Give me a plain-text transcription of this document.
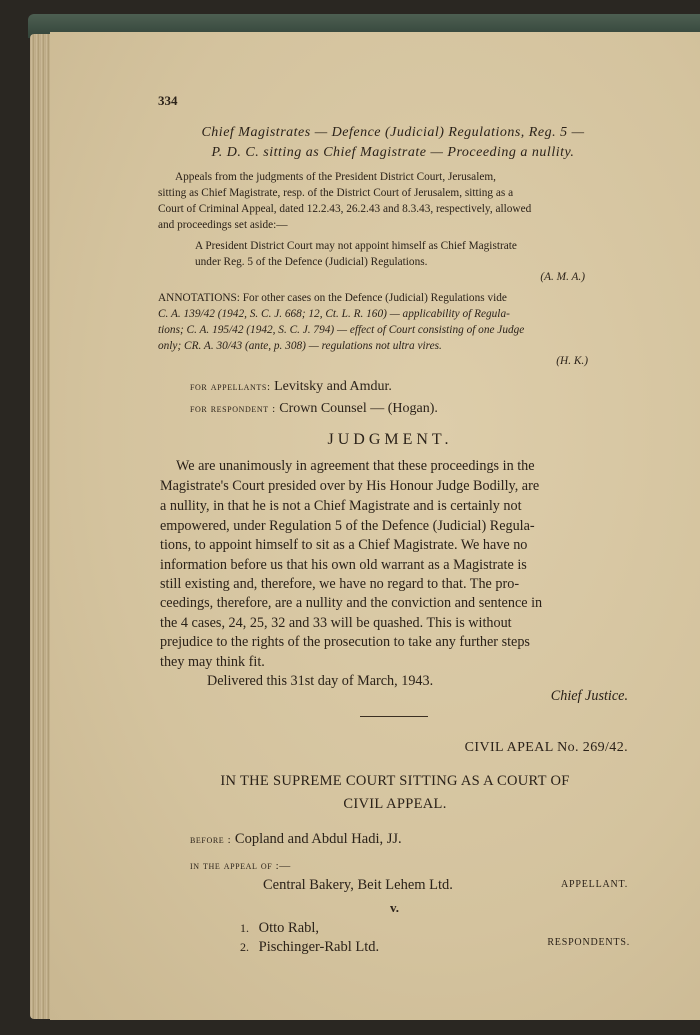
334

Chief Magistrates — Defence (Judicial) Regulations, Reg. 5 —

P. D. C. sitting as Chief Magistrate — Proceeding a nullity.

Appeals from the judgments of the President District Court, Jerusalem,

sitting as Chief Magistrate, resp. of the District Court of Jerusalem, sitting as a

Court of Criminal Appeal, dated 12.2.43, 26.2.43 and 8.3.43, respectively, allowed

and proceedings set aside:—

A President District Court may not appoint himself as Chief Magistrate

under Reg. 5 of the Defence (Judicial) Regulations.

(A. M. A.)

ANNOTATIONS: For other cases on the Defence (Judicial) Regulations vide

C. A. 139/42 (1942, S. C. J. 668; 12, Ct. L. R. 160) — applicability of Regula-

tions; C. A. 195/42 (1942, S. C. J. 794) — effect of Court consisting of one Judge

only; CR. A. 30/43 (ante, p. 308) — regulations not ultra vires.

(H. K.)

for appellants: Levitsky and Amdur.

for respondent : Crown Counsel — (Hogan).

JUDGMENT.

We are unanimously in agreement that these proceedings in the

Magistrate's Court presided over by His Honour Judge Bodilly, are

a nullity, in that he is not a Chief Magistrate and is certainly not

empowered, under Regulation 5 of the Defence (Judicial) Regula-

tions, to appoint himself to sit as a Chief Magistrate. We have no

information before us that his own old warrant as a Magistrate is

still existing and, therefore, we have no regard to that. The pro-

ceedings, therefore, are a nullity and the conviction and sentence in

the 4 cases, 24, 25, 32 and 33 will be quashed. This is without

prejudice to the rights of the prosecution to take any further steps

they may think fit.

Delivered this 31st day of March, 1943.

Chief Justice.

CIVIL APEAL No. 269/42.

IN THE SUPREME COURT SITTING AS A COURT OF

CIVIL APPEAL.

before : Copland and Abdul Hadi, JJ.

in the appeal of :—

Central Bakery, Beit Lehem Ltd.	APPELLANT.

v.

1. Otto Rabl,

2. Pischinger-Rabl Ltd.	RESPONDENTS.
